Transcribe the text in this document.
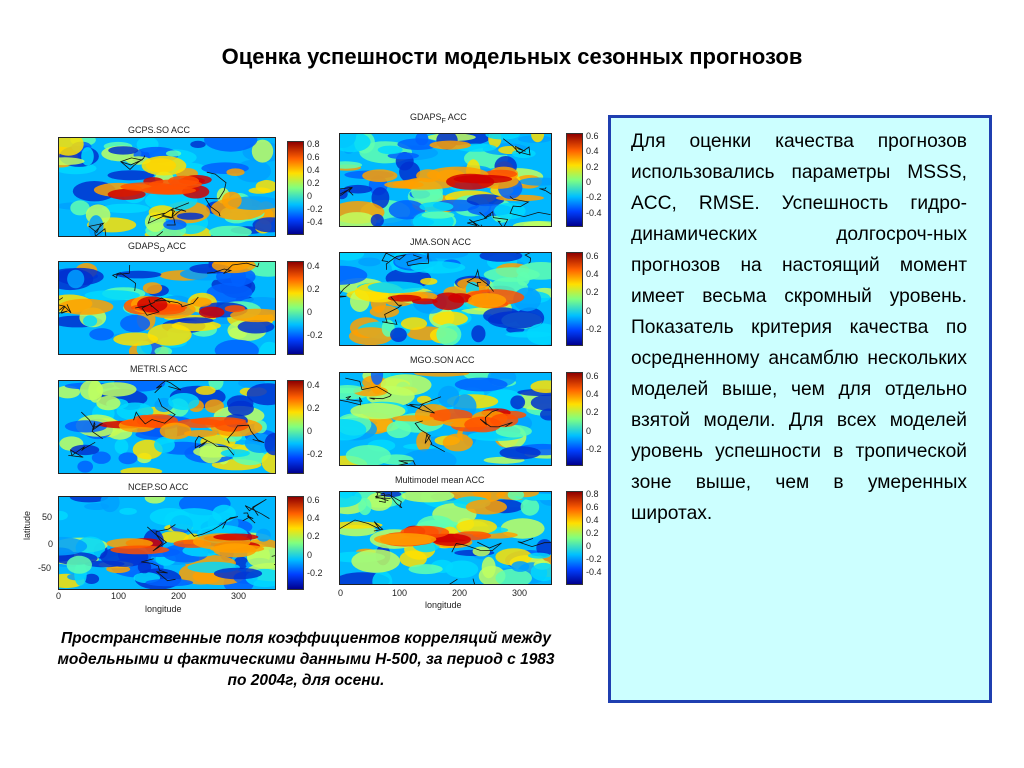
Оценка успешности модельных сезонных прогнозов
GCPS.SO ACC
0.8
0.6
0.4
0.2
0
-0.2
-0.4
$GDAPS_F$ ACC
0.6
0.4
0.2
0
-0.2
-0.4
$GDAPS_O$ ACC
0.4
0.2
0
-0.2
JMA.SON ACC
0.6
0.4
0.2
0
-0.2
METRI.S ACC
0.4
0.2
0
-0.2
MGO.SON ACC
0.6
0.4
0.2
0
-0.2
NCEP.SO ACC
0.6
0.4
0.2
0
-0.2
Multimodel mean ACC
0.8
0.6
0.4
0.2
0
-0.2
-0.4
latitude 50
0
-50
0	100	200	300
longitude
0	100	200	300
longitude
Пространственные поля коэффициентов корреляций между модельными и фактическими данными H-500, за период с 1983 по 2004г, для осени.

Для оценки качества прогнозов использовались параметры MSSS, ACC, RMSE. Успешность гидро-динамических долгосроч-ных прогнозов на настоящий момент имеет весьма скромный уровень. Показатель критерия качества по осредненному ансамблю нескольких моделей выше, чем для отдельно взятой модели. Для всех моделей уровень успешности в тропической зоне выше, чем в умеренных широтах.
